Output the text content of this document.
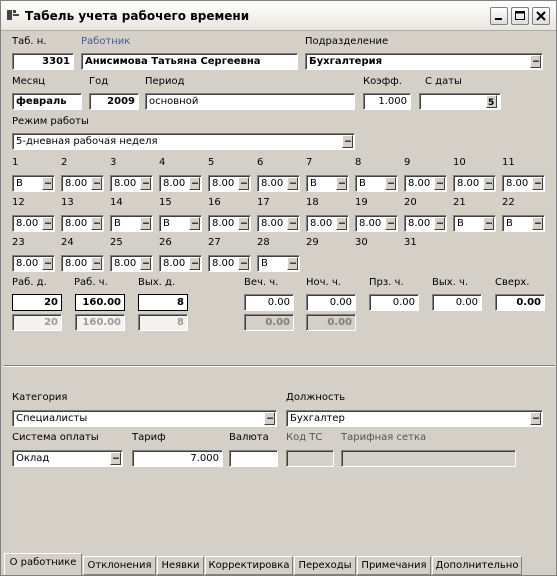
Табель учета рабочего времени
Таб. н.
3301
Работник
Анисимова Татьяна Сергеевна
Подразделение
Бухгалтерия	...
Месяц
февраль
Год
2009
Период
основной
Коэфф.
1.000
С даты
5
Режим работы
5-дневная рабочая неделя	...
1
В	...
2
8.00 ...
3
8.00 ...
4
8.00 ...
5
8.00 ...
6
8.00 ...
7
В	...
8
В	...
9
8.00 ...
10
8.00 ...
11
8.00 ...
12
8.00 ...
13
8.00 ...
14
В	...
15
В	...
16
8.00 ...
17
8.00 ...
18
8.00 ...
19
8.00 ...
20
8.00 ...
21
В	...
22
В	...
23
8.00 ...
24
8.00 ...
25
8.00 ...
26
8.00 ...
27
8.00 ...
28
В	...
29	30	31
Раб. д.
20
20
Раб. ч.
160.00
160.00
Вых. д.
8
8
Веч. ч.
0.00
0.00
Ноч. ч.
0.00
0.00
Прз. ч.
0.00
Вых. ч.
0.00
Сверх.
0.00
Категория
Специалисты	...
Должность
Бухгалтер	...
Система оплаты
Оклад	...
Тариф
7.000
Валюта Код ТС Тарифная сетка
О работнике	Отклонения Неявки Корректировка Переходы Примечания Дополнительно
